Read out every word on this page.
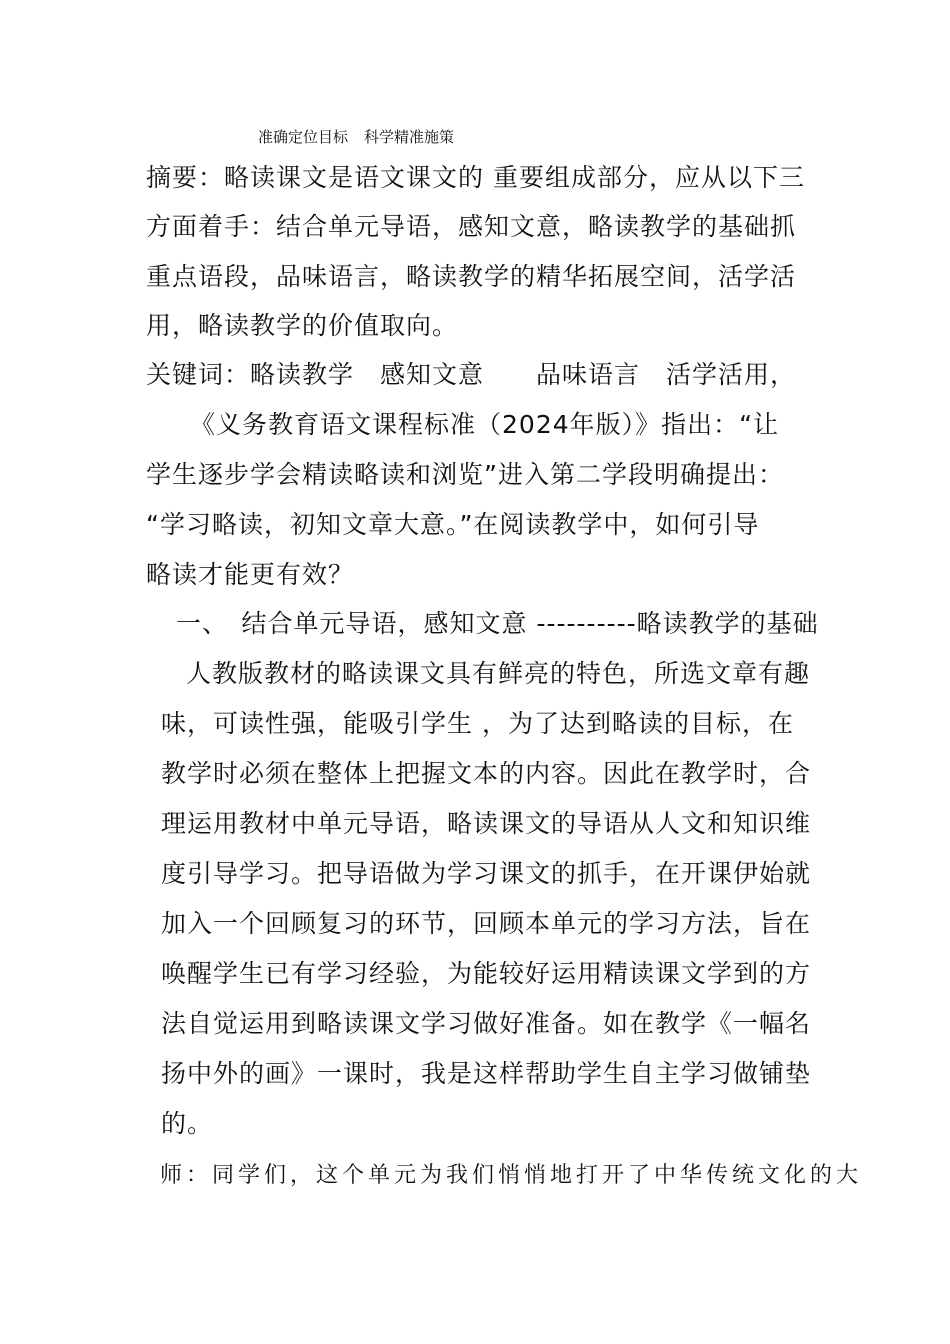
准确定位目标 科学精准施策
摘要：略读课文是语文课文的 重要组成部分，应从以下三
方面着手：结合单元导语，感知文意，略读教学的基础抓
重点语段，品味语言，略读教学的精华拓展空间，活学活
用，略读教学的价值取向。
关键词：略读教学　感知文意　　品味语言　活学活用，
《义务教育语文课程标准（2024年版）》指出：“让
学生逐步学会精读略读和浏览”进入第二学段明确提出：
“学习略读，初知文章大意。”在阅读教学中，如何引导
略读才能更有效？
一、　结合单元导语，感知文意 ----------略读教学的基础
人教版教材的略读课文具有鲜亮的特色，所选文章有趣
味，可读性强，能吸引学生 ，为了达到略读的目标，在
教学时必须在整体上把握文本的内容。因此在教学时，合
理运用教材中单元导语，略读课文的导语从人文和知识维
度引导学习。把导语做为学习课文的抓手，在开课伊始就
加入一个回顾复习的环节，回顾本单元的学习方法，旨在
唤醒学生已有学习经验，为能较好运用精读课文学到的方
法自觉运用到略读课文学习做好准备。如在教学《一幅名
扬中外的画》一课时，我是这样帮助学生自主学习做铺垫
的。
师：同学们，这个单元为我们悄悄地打开了中华传统文化的大
